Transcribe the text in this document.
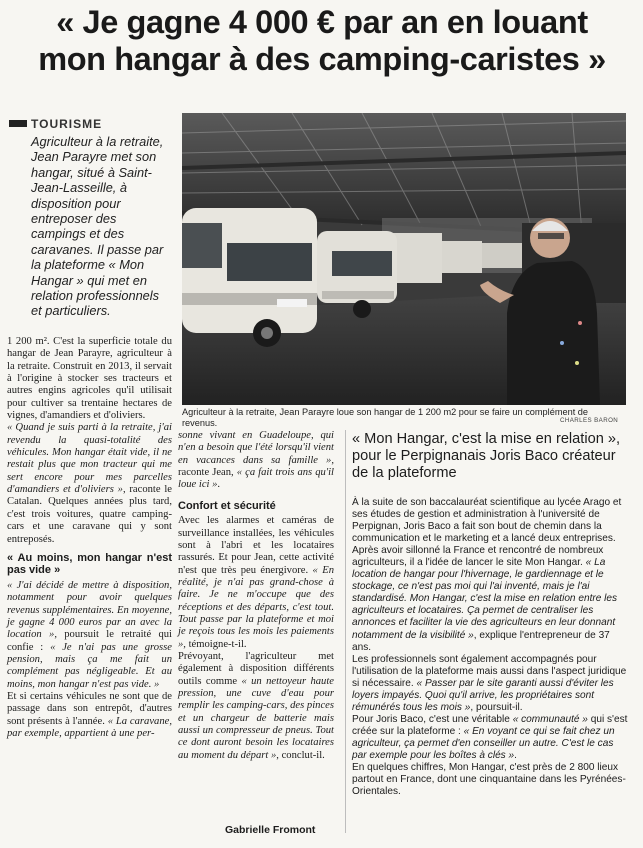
« Je gagne 4 000 € par an en louant
mon hangar à des camping-caristes »
TOURISME
Agriculteur à la retraite, Jean Parayre met son hangar, situé à Saint-Jean-Lasseille, à disposition pour entreposer des campings et des caravanes. Il passe par la plateforme « Mon Hangar » qui met en relation professionnels et particuliers.
Agriculteur à la retraite, Jean Parayre loue son hangar de 1 200 m2 pour se faire un complément de revenus.	CHARLES BARON

1 200 m². C'est la superficie totale du hangar de Jean Parayre, agriculteur à la retraite. Construit en 2013, il servait à l'origine à stocker ses tracteurs et autres engins agricoles qu'il utilisait pour cultiver sa trentaine hectares de vignes, d'amandiers et d'oliviers.

« Quand je suis parti à la retraite, j'ai revendu la quasi-totalité des véhicules. Mon hangar était vide, il ne restait plus que mon tracteur qui me sert encore pour mes parcelles d'amandiers et d'oliviers », raconte le Catalan. Quelques années plus tard, c'est trois voitures, quatre camping-cars et une caravane qui y sont entreposés.

« Au moins, mon hangar n'est pas vide »

« J'ai décidé de mettre à disposition, notamment pour avoir quelques revenus supplémentaires. En moyenne, je gagne 4 000 euros par an avec la location », poursuit le retraité qui confie : « Je n'ai pas une grosse pension, mais ça me fait un complément pas négligeable. Et au moins, mon hangar n'est pas vide. »

Et si certains véhicules ne sont que de passage dans son entrepôt, d'autres sont présents à l'année. « La caravane, par exemple, appartient à une per-

sonne vivant en Guadeloupe, qui n'en a besoin que l'été lorsqu'il vient en vacances dans sa famille », raconte Jean, « ça fait trois ans qu'il loue ici ».

Confort et sécurité

Avec les alarmes et caméras de surveillance installées, les véhicules sont à l'abri et les locataires rassurés. Et pour Jean, cette activité n'est que très peu énergivore. « En réalité, je n'ai pas grand-chose à faire. Je ne m'occupe que des réceptions et des départs, c'est tout. Tout passe par la plateforme et moi je reçois tous les mois les paiements », témoigne-t-il.

Prévoyant, l'agriculteur met également à disposition différents outils comme « un nettoyeur haute pression, une cuve d'eau pour remplir les camping-cars, des pinces et un chargeur de batterie mais aussi un compresseur de pneus. Tout ce dont auront besoin les locataires au moment du départ », conclut-il.

Gabrielle Fromont
« Mon Hangar, c'est la mise en relation », pour le Perpignanais Joris Baco créateur de la plateforme

À la suite de son baccalauréat scientifique au lycée Arago et ses études de gestion et administration à l'université de Perpignan, Joris Baco a fait son bout de chemin dans la communication et le marketing et a lancé deux entreprises. Après avoir sillonné la France et rencontré de nombreux agriculteurs, il a l'idée de lancer le site Mon Hangar. « La location de hangar pour l'hivernage, le gardiennage et le stockage, ce n'est pas moi qui l'ai inventé, mais je l'ai standardisé. Mon Hangar, c'est la mise en relation entre les agriculteurs et locataires. Ça permet de centraliser les annonces et faciliter la vie des agriculteurs en leur donnant notamment de la visibilité », explique l'entrepreneur de 37 ans.

Les professionnels sont également accompagnés pour l'utilisation de la plateforme mais aussi dans l'aspect juridique si nécessaire. « Passer par le site garanti aussi d'éviter les loyers impayés. Quoi qu'il arrive, les propriétaires sont rémunérés tous les mois », poursuit-il.

Pour Joris Baco, c'est une véritable « communauté » qui s'est créée sur la plateforme : « En voyant ce qui se fait chez un agriculteur, ça permet d'en conseiller un autre. C'est le cas par exemple pour les boîtes à clés ».

En quelques chiffres, Mon Hangar, c'est près de 2 800 lieux partout en France, dont une cinquantaine dans les Pyrénées-Orientales.
